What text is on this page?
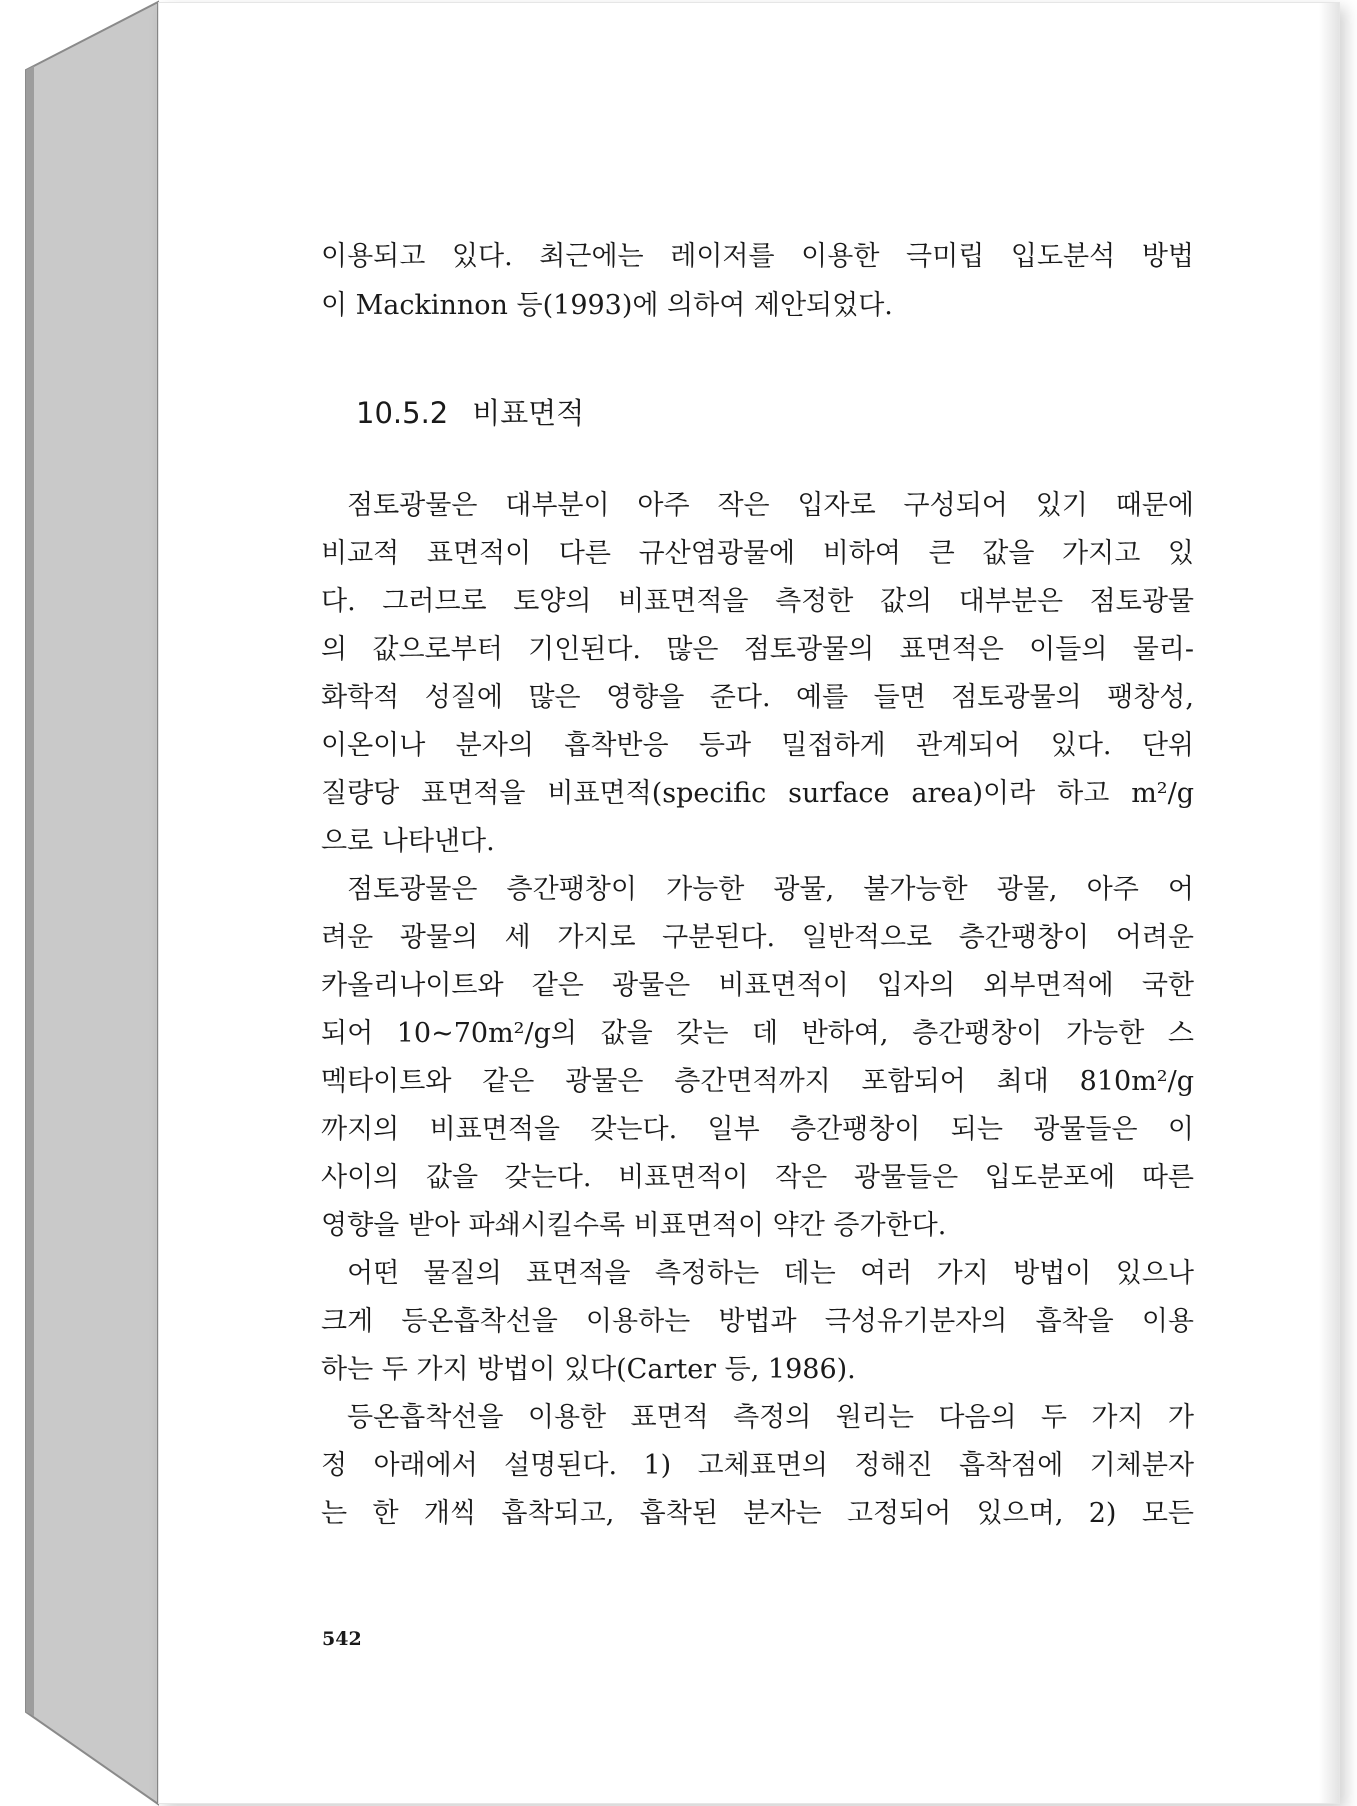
10.5.2 비표면적
이용되고 있다. 최근에는 레이저를 이용한 극미립 입도분석 방법
이 Mackinnon 등(1993)에 의하여 제안되었다.
점토광물은 대부분이 아주 작은 입자로 구성되어 있기 때문에
비교적 표면적이 다른 규산염광물에 비하여 큰 값을 가지고 있
다. 그러므로 토양의 비표면적을 측정한 값의 대부분은 점토광물
의 값으로부터 기인된다. 많은 점토광물의 표면적은 이들의 물리-
화학적 성질에 많은 영향을 준다. 예를 들면 점토광물의 팽창성,
이온이나 분자의 흡착반응 등과 밀접하게 관계되어 있다. 단위
질량당 표면적을 비표면적(specific surface area)이라 하고 m²/g
으로 나타낸다.
점토광물은 층간팽창이 가능한 광물, 불가능한 광물, 아주 어
려운 광물의 세 가지로 구분된다. 일반적으로 층간팽창이 어려운
카올리나이트와 같은 광물은 비표면적이 입자의 외부면적에 국한
되어 10~70m²/g의 값을 갖는 데 반하여, 층간팽창이 가능한 스
멕타이트와 같은 광물은 층간면적까지 포함되어 최대 810m²/g
까지의 비표면적을 갖는다. 일부 층간팽창이 되는 광물들은 이
사이의 값을 갖는다. 비표면적이 작은 광물들은 입도분포에 따른
영향을 받아 파쇄시킬수록 비표면적이 약간 증가한다.
어떤 물질의 표면적을 측정하는 데는 여러 가지 방법이 있으나
크게 등온흡착선을 이용하는 방법과 극성유기분자의 흡착을 이용
하는 두 가지 방법이 있다(Carter 등, 1986).
등온흡착선을 이용한 표면적 측정의 원리는 다음의 두 가지 가
정 아래에서 설명된다. 1) 고체표면의 정해진 흡착점에 기체분자
는 한 개씩 흡착되고, 흡착된 분자는 고정되어 있으며, 2) 모든
542
